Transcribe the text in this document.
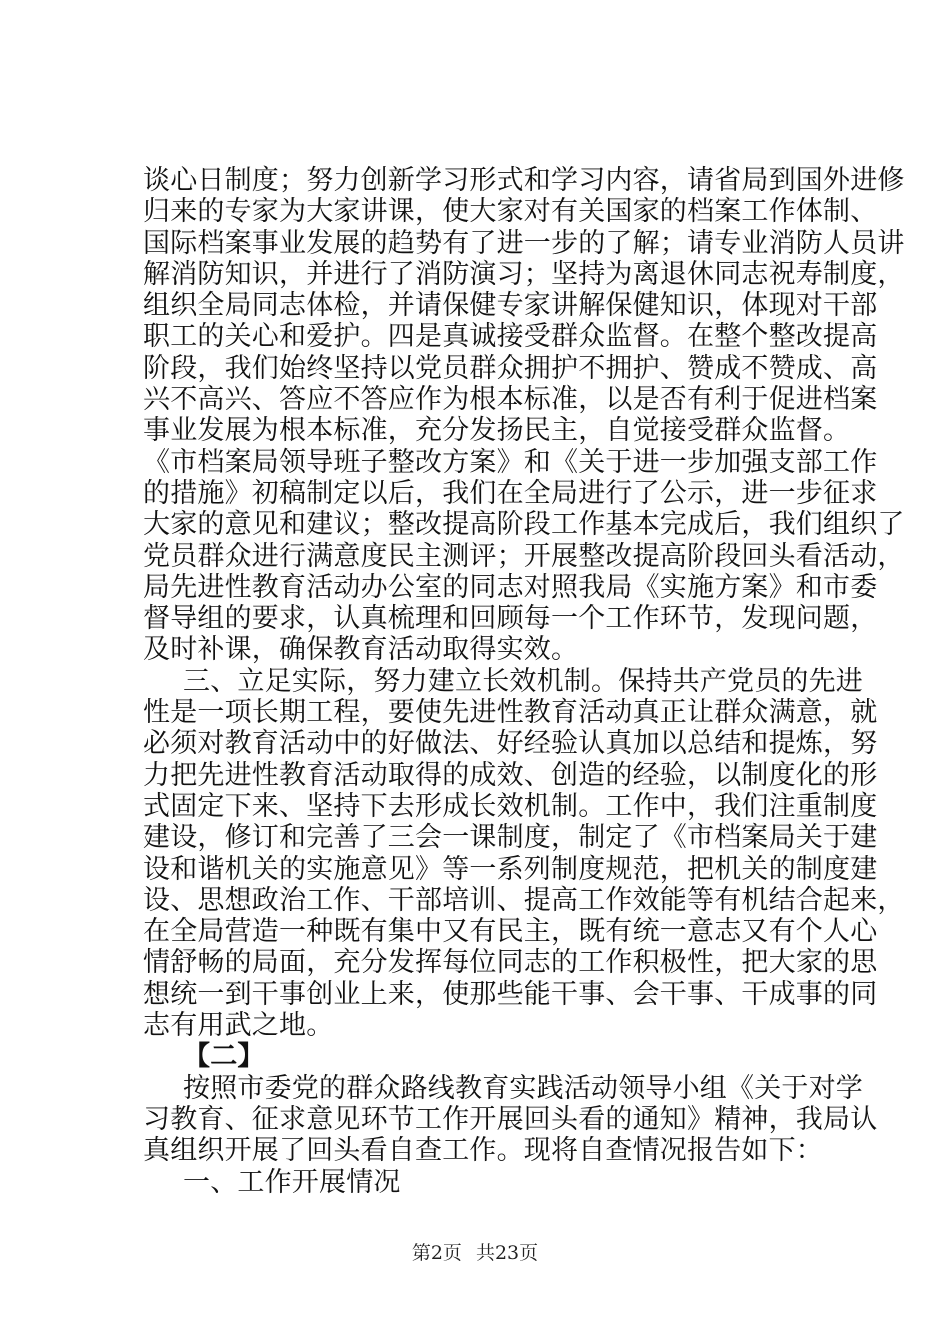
谈心日制度；努力创新学习形式和学习内容，请省局到国外进修
归来的专家为大家讲课，使大家对有关国家的档案工作体制、
国际档案事业发展的趋势有了进一步的了解；请专业消防人员讲
解消防知识，并进行了消防演习；坚持为离退休同志祝寿制度，
组织全局同志体检，并请保健专家讲解保健知识，体现对干部
职工的关心和爱护。四是真诚接受群众监督。在整个整改提高
阶段，我们始终坚持以党员群众拥护不拥护、赞成不赞成、高
兴不高兴、答应不答应作为根本标准，以是否有利于促进档案
事业发展为根本标准，充分发扬民主，自觉接受群众监督。
《市档案局领导班子整改方案》和《关于进一步加强支部工作
的措施》初稿制定以后，我们在全局进行了公示，进一步征求
大家的意见和建议；整改提高阶段工作基本完成后，我们组织了
党员群众进行满意度民主测评；开展整改提高阶段回头看活动，
局先进性教育活动办公室的同志对照我局《实施方案》和市委
督导组的要求，认真梳理和回顾每一个工作环节，发现问题，
及时补课，确保教育活动取得实效。
三、立足实际，努力建立长效机制。保持共产党员的先进
性是一项长期工程，要使先进性教育活动真正让群众满意，就
必须对教育活动中的好做法、好经验认真加以总结和提炼，努
力把先进性教育活动取得的成效、创造的经验，以制度化的形
式固定下来、坚持下去形成长效机制。工作中，我们注重制度
建设，修订和完善了三会一课制度，制定了《市档案局关于建
设和谐机关的实施意见》等一系列制度规范，把机关的制度建
设、思想政治工作、干部培训、提高工作效能等有机结合起来，
在全局营造一种既有集中又有民主，既有统一意志又有个人心
情舒畅的局面，充分发挥每位同志的工作积极性，把大家的思
想统一到干事创业上来，使那些能干事、会干事、干成事的同
志有用武之地。
【二】
按照市委党的群众路线教育实践活动领导小组《关于对学
习教育、征求意见环节工作开展回头看的通知》精神，我局认
真组织开展了回头看自查工作。现将自查情况报告如下：
一、工作开展情况
第2页 共23页
